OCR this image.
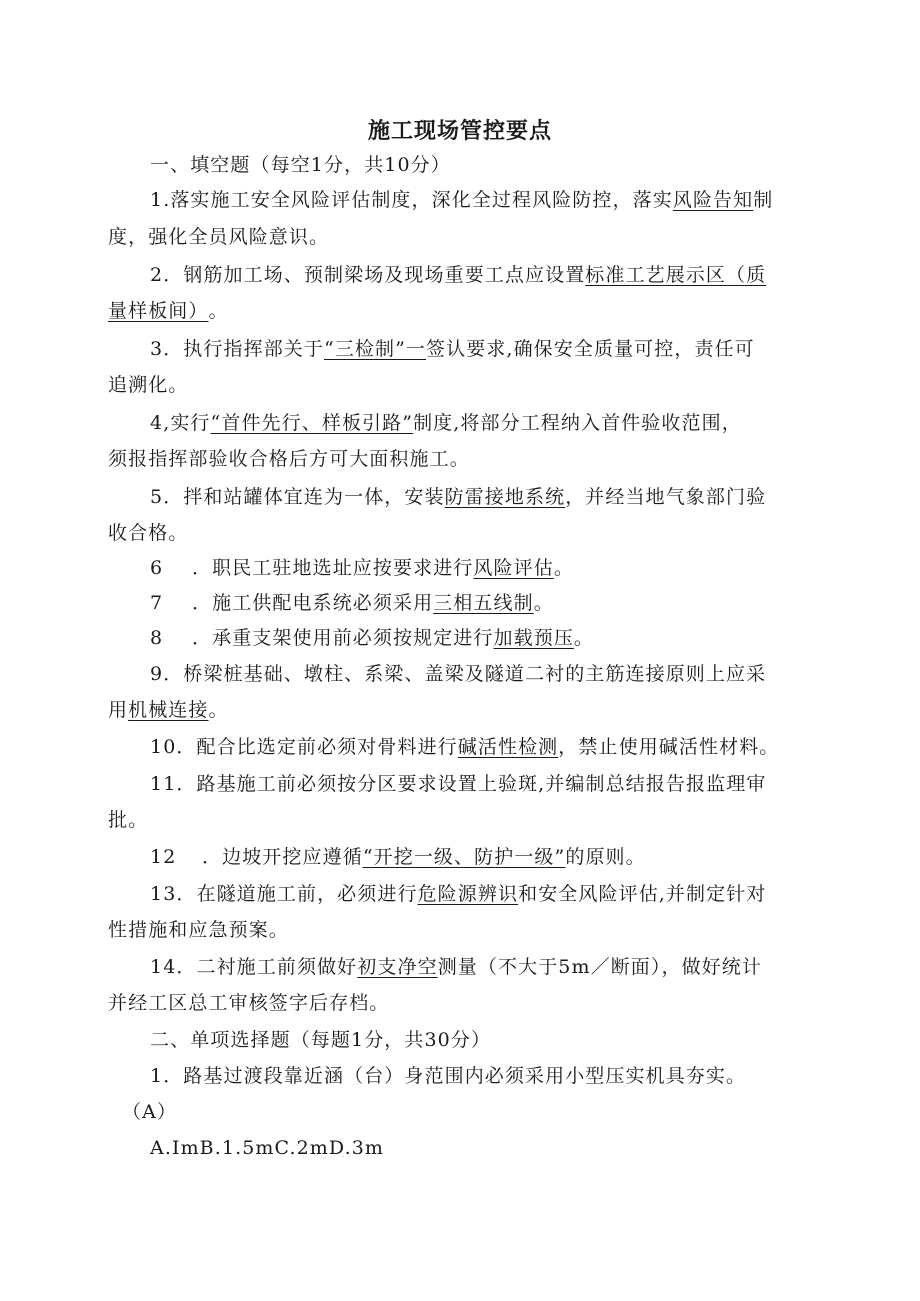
施工现场管控要点
一、填空题（每空1分，共10分）
1.落实施工安全风险评估制度，深化全过程风险防控，落实风险告知制
度，强化全员风险意识。
2．钢筋加工场、预制梁场及现场重要工点应设置标准工艺展示区（质
量样板间）。
3．执行指挥部关于“三检制”一签认要求,确保安全质量可控，责任可
追溯化。
4,实行“首件先行、样板引路”制度,将部分工程纳入首件验收范围，
须报指挥部验收合格后方可大面积施工。
5．拌和站罐体宜连为一体，安装防雷接地系统，并经当地气象部门验
收合格。
6 ．职民工驻地选址应按要求进行风险评估。
7 ．施工供配电系统必须采用三相五线制。
8 ．承重支架使用前必须按规定进行加载预压。
9．桥梁桩基础、墩柱、系梁、盖梁及隧道二衬的主筋连接原则上应采
用机械连接。
10．配合比选定前必须对骨料进行碱活性检测，禁止使用碱活性材料。
11．路基施工前必须按分区要求设置上验斑,并编制总结报告报监理审
批。
12 ．边坡开挖应遵循“开挖一级、防护一级”的原则。
13．在隧道施工前，必须进行危险源辨识和安全风险评估,并制定针对
性措施和应急预案。
14．二衬施工前须做好初支净空测量（不大于5m／断面），做好统计
并经工区总工审核签字后存档。
二、单项选择题（每题1分，共30分）
1．路基过渡段靠近涵（台）身范围内必须采用小型压实机具夯实。
（A）
A.ImB.1.5mC.2mD.3m
